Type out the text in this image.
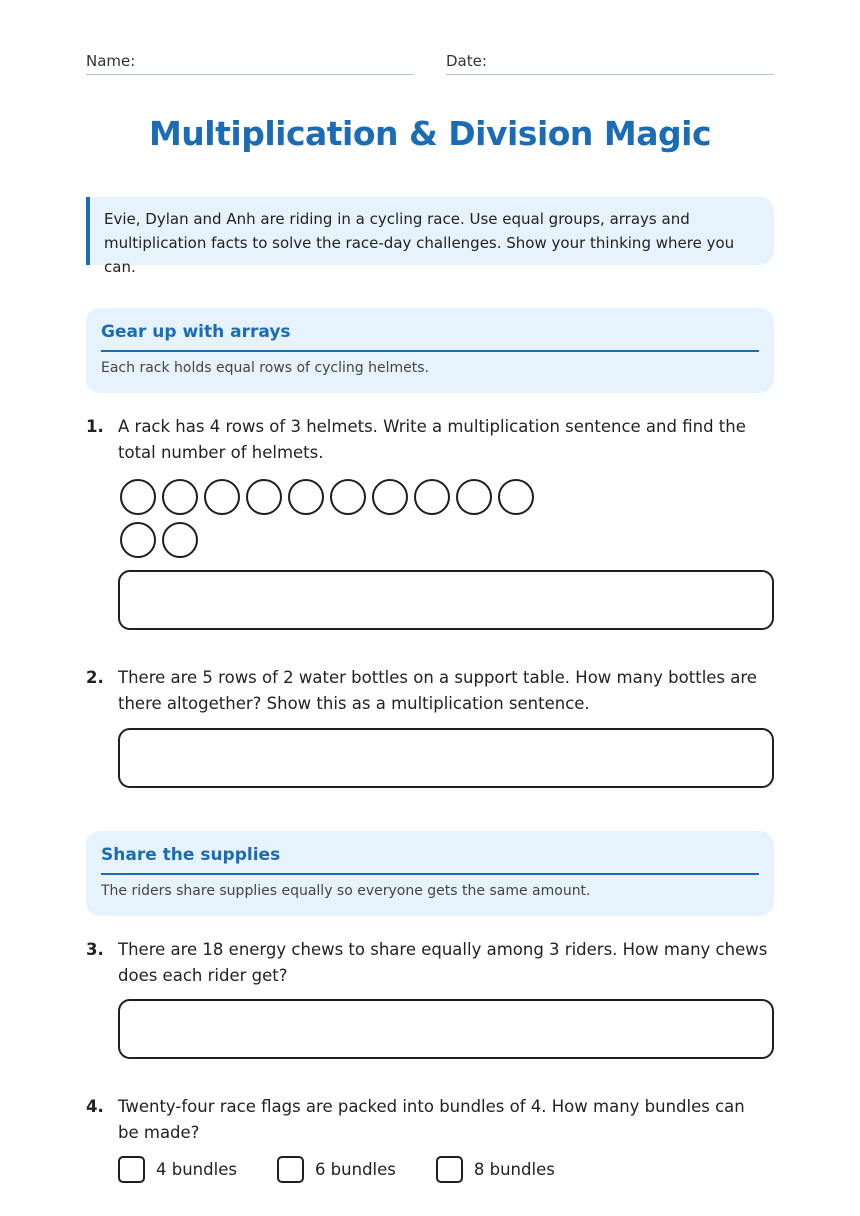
Name:	Date:
Multiplication & Division Magic
Evie, Dylan and Anh are riding in a cycling race. Use equal groups, arrays and multiplication facts to solve the race-day challenges. Show your thinking where you can.
Gear up with arrays
Each rack holds equal rows of cycling helmets.
1. A rack has 4 rows of 3 helmets. Write a multiplication sentence and find the total number of helmets.
2. There are 5 rows of 2 water bottles on a support table. How many bottles are there altogether? Show this as a multiplication sentence.
Share the supplies
The riders share supplies equally so everyone gets the same amount.
3. There are 18 energy chews to share equally among 3 riders. How many chews does each rider get?
4. Twenty-four race flags are packed into bundles of 4. How many bundles can be made?
4 bundles	6 bundles	8 bundles
